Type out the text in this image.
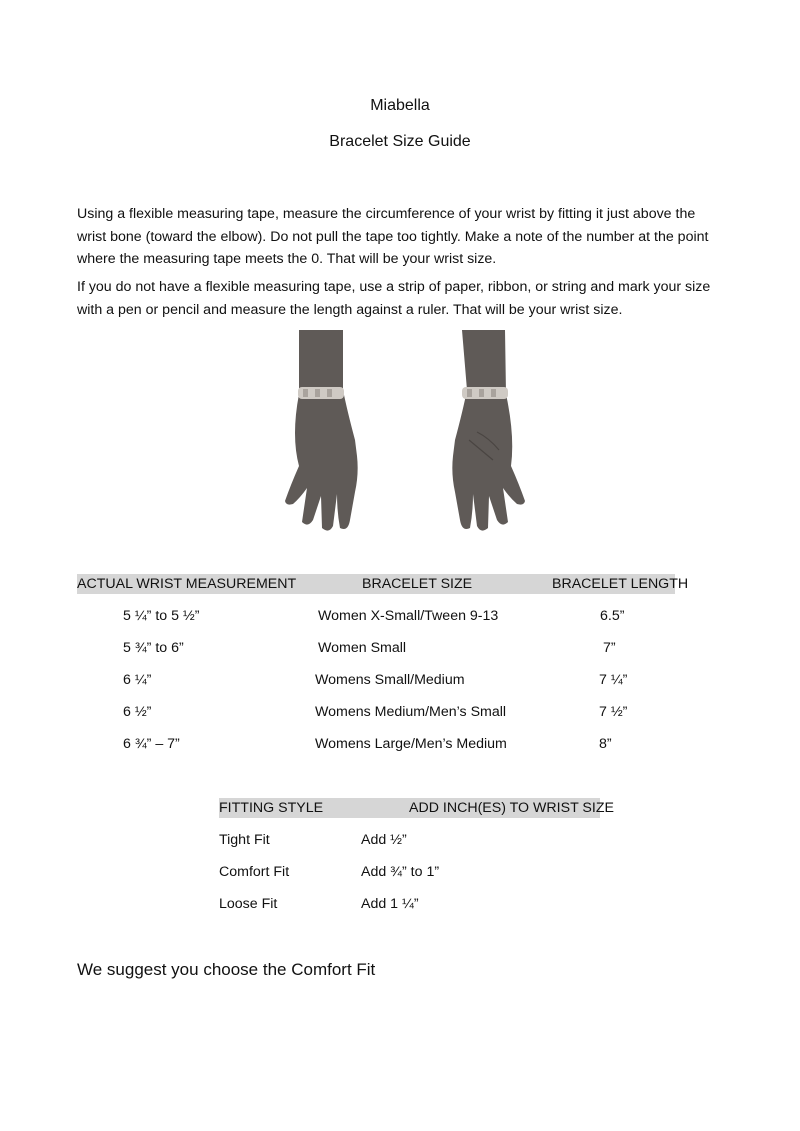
Miabella
Bracelet Size Guide
Using a flexible measuring tape, measure the circumference of your wrist by fitting it just above the wrist bone (toward the elbow). Do not pull the tape too tightly. Make a note of the number at the point where the measuring tape meets the 0. That will be your wrist size.
If you do not have a flexible measuring tape, use a strip of paper, ribbon, or string and mark your size with a pen or pencil and measure the length against a ruler. That will be your wrist size.
ACTUAL WRIST MEASUREMENT	BRACELET SIZE	BRACELET LENGTH
5 ¼” to 5 ½”	Women X-Small/Tween 9-13	6.5”
5 ¾” to 6”	Women Small	7”
6 ¼”	Womens Small/Medium	7 ¼”
6 ½”	Womens Medium/Men’s Small	7 ½”
6 ¾” – 7”	Womens Large/Men’s Medium	8”
FITTING STYLE	ADD INCH(ES) TO WRIST SIZE
Tight Fit	Add ½”
Comfort Fit	Add ¾” to 1”
Loose Fit	Add 1 ¼”
We suggest you choose the Comfort Fit
